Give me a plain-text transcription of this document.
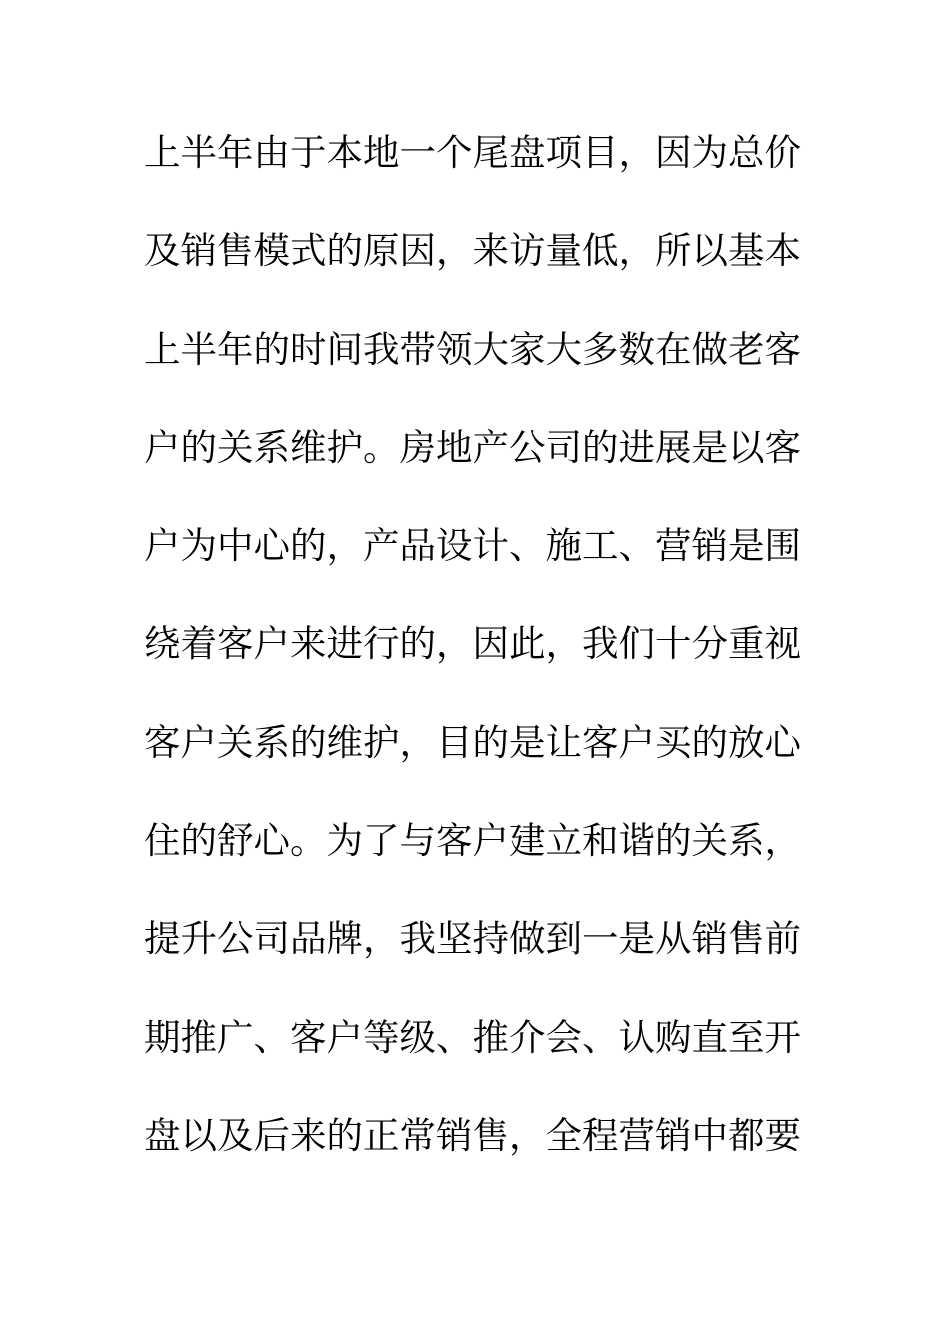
上半年由于本地一个尾盘项目，因为总价
及销售模式的原因，来访量低，所以基本
上半年的时间我带领大家大多数在做老客
户的关系维护。房地产公司的进展是以客
户为中心的，产品设计、施工、营销是围
绕着客户来进行的，因此，我们十分重视
客户关系的维护，目的是让客户买的放心
住的舒心。为了与客户建立和谐的关系，
提升公司品牌，我坚持做到一是从销售前
期推广、客户等级、推介会、认购直至开
盘以及后来的正常销售，全程营销中都要
